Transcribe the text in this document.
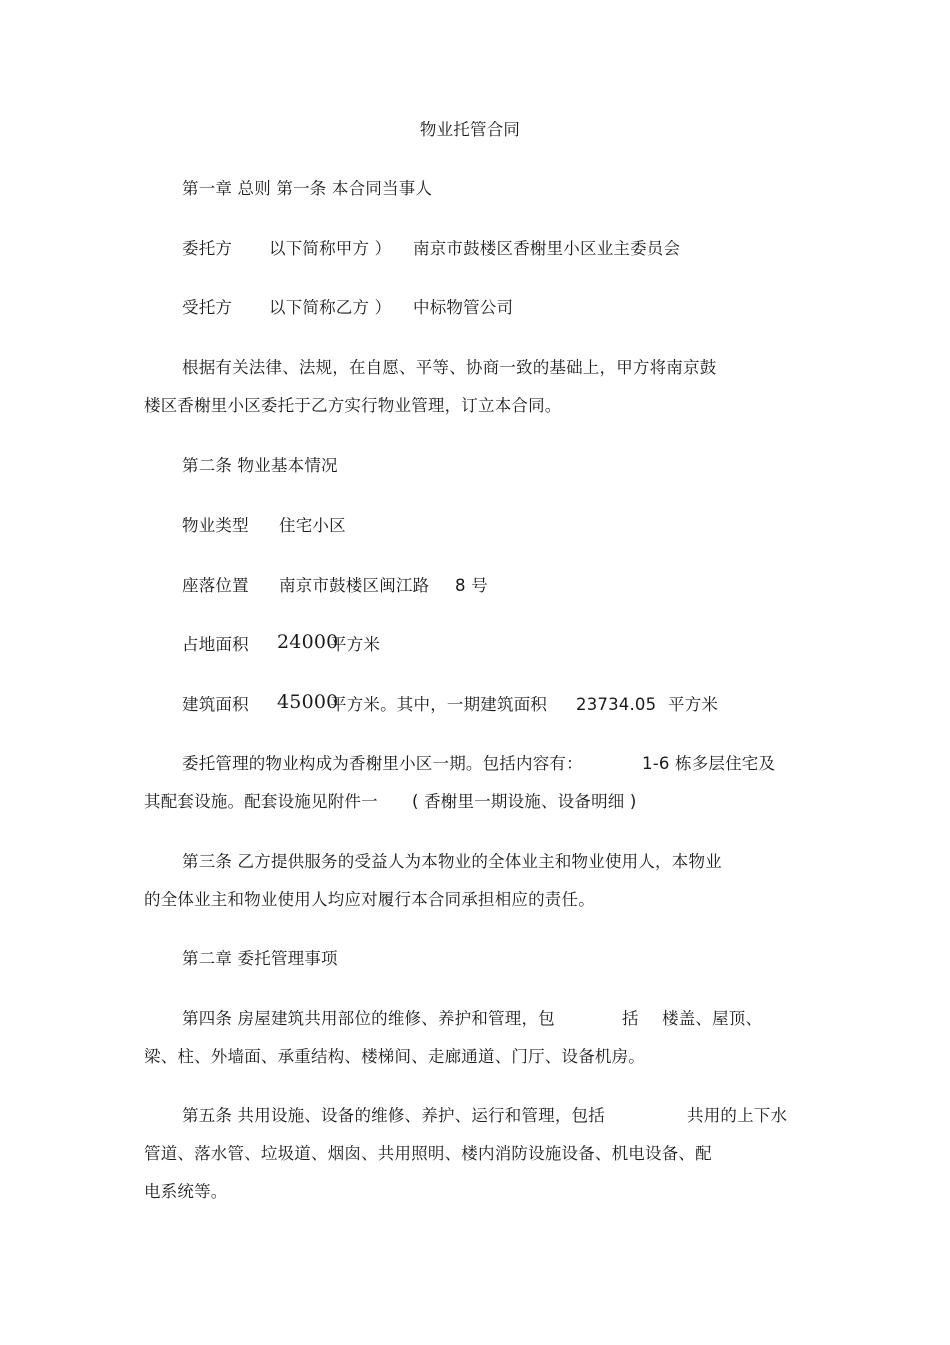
物业托管合同
第一章 总则 第一条 本合同当事人
委托方 以下简称甲方 ） 南京市鼓楼区香榭里小区业主委员会
受托方 以下简称乙方 ） 中标物管公司
根据有关法律、法规，在自愿、平等、协商一致的基础上，甲方将南京鼓
楼区香榭里小区委托于乙方实行物业管理，订立本合同。
第二条 物业基本情况
物业类型 住宅小区
座落位置 南京市鼓楼区闽江路 8 号
占地面积 24000
平方米
建筑面积 45000
平方米。其中，一期建筑面积 23734.05 平方米
委托管理的物业构成为香榭里小区一期。包括内容有：	1-6 栋多层住宅及
其配套设施。配套设施见附件一 ( 香榭里一期设施、设备明细 )
第三条 乙方提供服务的受益人为本物业的全体业主和物业使用人，本物业
的全体业主和物业使用人均应对履行本合同承担相应的责任。
第二章 委托管理事项
第四条 房屋建筑共用部位的维修、养护和管理，包	括 楼盖、屋顶、
梁、柱、外墙面、承重结构、楼梯间、走廊通道、门厅、设备机房。
第五条 共用设施、设备的维修、养护、运行和管理，包括	共用的上下水
管道、落水管、垃圾道、烟囱、共用照明、楼内消防设施设备、机电设备、配
电系统等。
